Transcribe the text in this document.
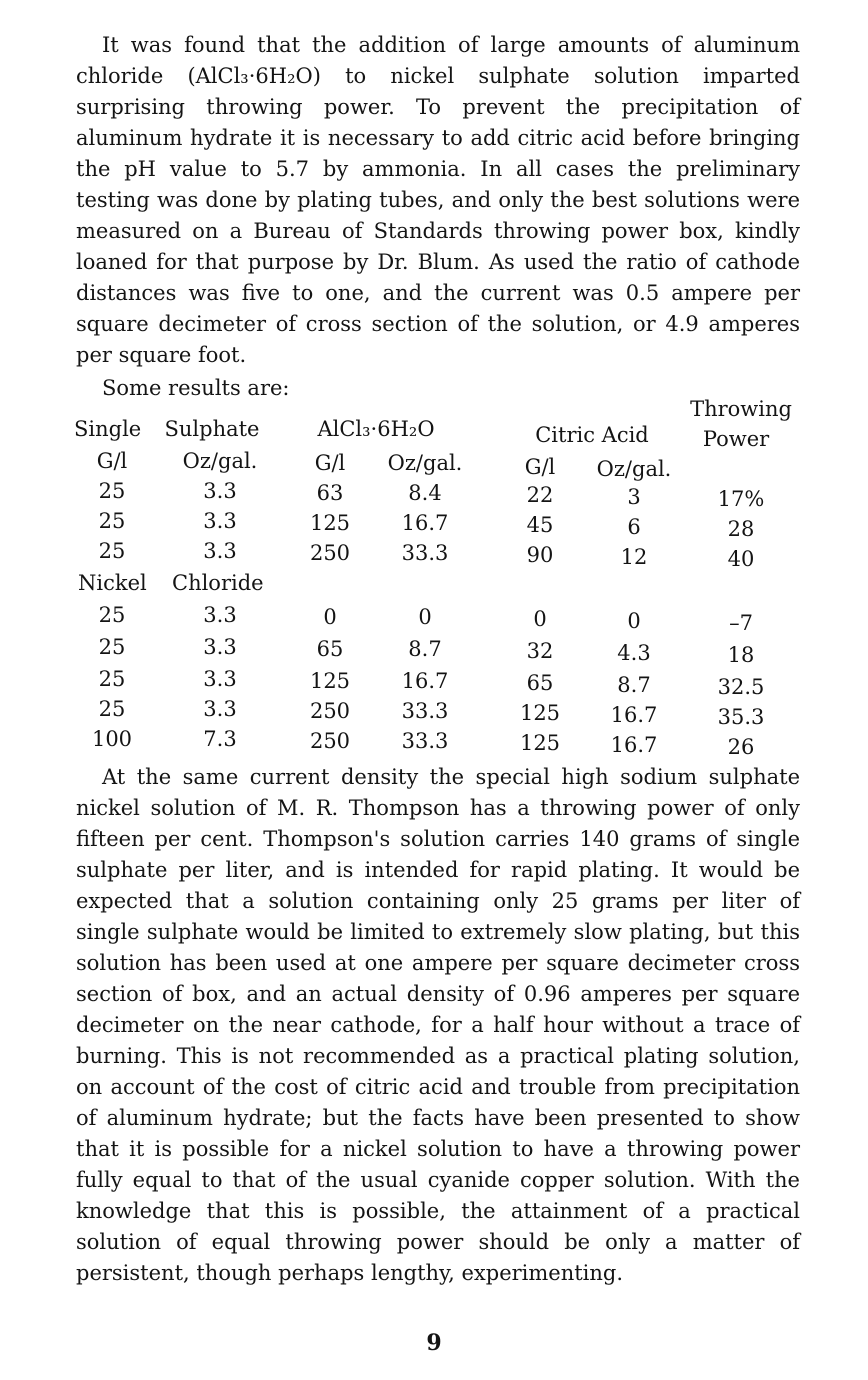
It was found that the addition of large amounts of aluminum chloride (AlCl₃·6H₂O) to nickel sulphate solution imparted surprising throwing power. To prevent the precipitation of aluminum hydrate it is necessary to add citric acid before bringing the pH value to 5.7 by ammonia. In all cases the preliminary testing was done by plating tubes, and only the best solutions were measured on a Bureau of Standards throwing power box, kindly loaned for that purpose by Dr. Blum. As used the ratio of cathode distances was five to one, and the current was 0.5 ampere per square decimeter of cross section of the solution, or 4.9 amperes per square foot.

Some results are:

Throwing
Single Sulphate	AlCl₃·6H₂O	Citric Acid	Power
G/l	Oz/gal.	G/l Oz/gal.	G/l Oz/gal.
Nickel Chloride
25	3.3	63	8.4	22	3	17%
25	3.3	125 16.7	45	6	28
25	3.3	250 33.3	90	12	40
25	3.3	0	0	0	0	–7
25	3.3	65	8.7	32	4.3	18
25	3.3	125 16.7	65	8.7	32.5
25	3.3	250 33.3	125 16.7	35.3
100	7.3	250 33.3	125 16.7	26

At the same current density the special high sodium sulphate nickel solution of M. R. Thompson has a throwing power of only fifteen per cent. Thompson's solution carries 140 grams of single sulphate per liter, and is intended for rapid plating. It would be expected that a solution containing only 25 grams per liter of single sulphate would be limited to extremely slow plating, but this solution has been used at one ampere per square decimeter cross section of box, and an actual density of 0.96 amperes per square decimeter on the near cathode, for a half hour without a trace of burning. This is not recommended as a practical plating solution, on account of the cost of citric acid and trouble from precipitation of aluminum hydrate; but the facts have been presented to show that it is possible for a nickel solution to have a throwing power fully equal to that of the usual cyanide copper solution. With the knowledge that this is possible, the attainment of a practical solution of equal throwing power should be only a matter of persistent, though perhaps lengthy, experimenting.

9
